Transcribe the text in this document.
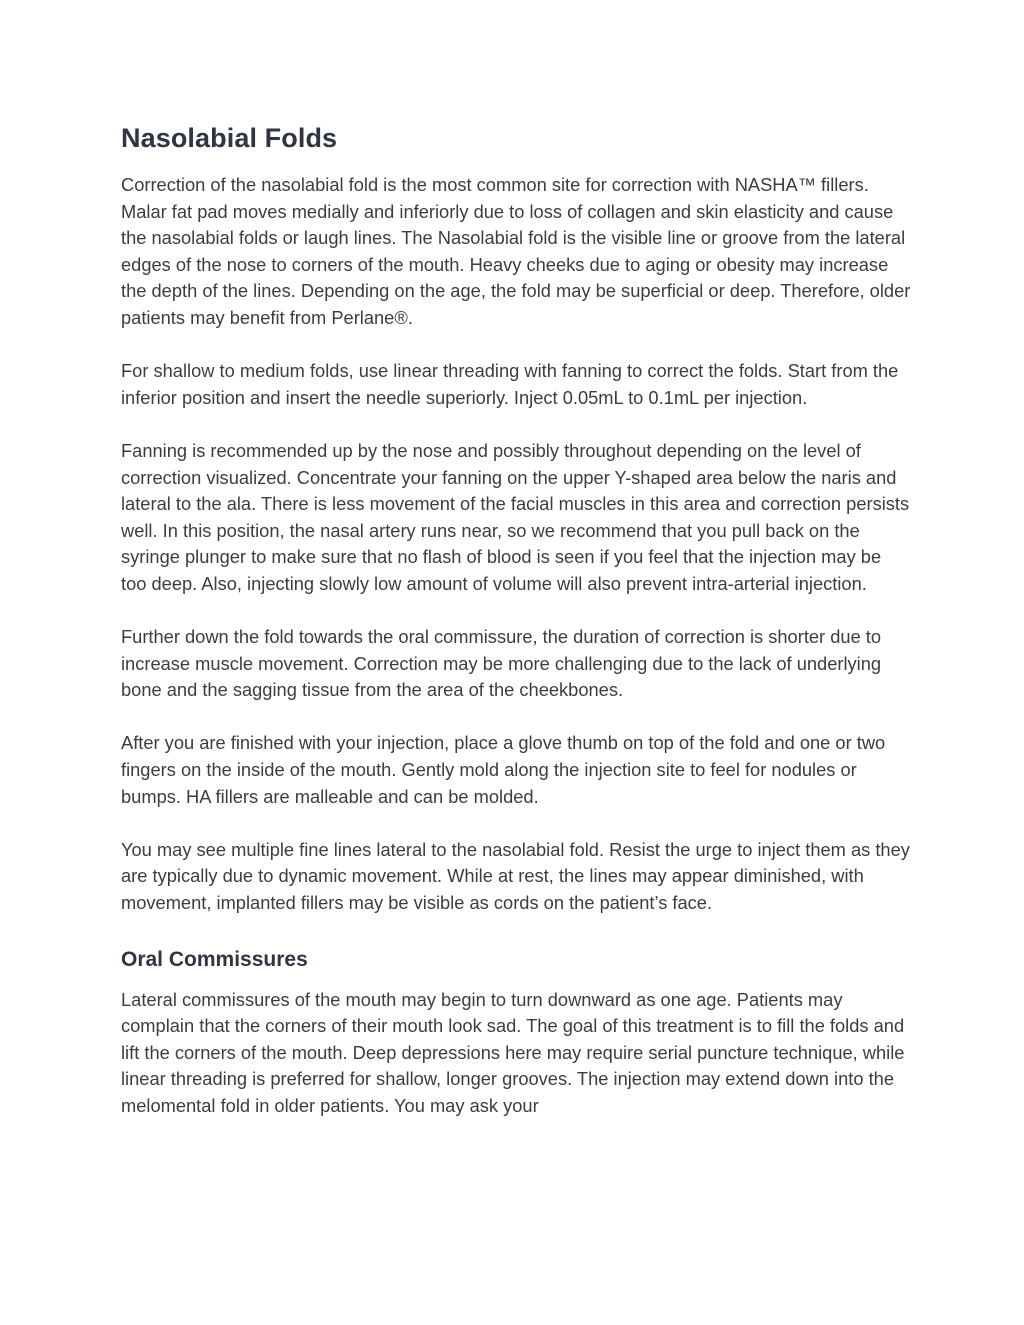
Nasolabial Folds

Correction of the nasolabial fold is the most common site for correction with NASHA™ fillers. Malar fat pad moves medially and inferiorly due to loss of collagen and skin elasticity and cause the nasolabial folds or laugh lines. The Nasolabial fold is the visible line or groove from the lateral edges of the nose to corners of the mouth. Heavy cheeks due to aging or obesity may increase the depth of the lines. Depending on the age, the fold may be superficial or deep. Therefore, older patients may benefit from Perlane®.

For shallow to medium folds, use linear threading with fanning to correct the folds. Start from the inferior position and insert the needle superiorly. Inject 0.05mL to 0.1mL per injection.

Fanning is recommended up by the nose and possibly throughout depending on the level of correction visualized. Concentrate your fanning on the upper Y-shaped area below the naris and lateral to the ala. There is less movement of the facial muscles in this area and correction persists well. In this position, the nasal artery runs near, so we recommend that you pull back on the syringe plunger to make sure that no flash of blood is seen if you feel that the injection may be too deep. Also, injecting slowly low amount of volume will also prevent intra-arterial injection.

Further down the fold towards the oral commissure, the duration of correction is shorter due to increase muscle movement. Correction may be more challenging due to the lack of underlying bone and the sagging tissue from the area of the cheekbones.

After you are finished with your injection, place a glove thumb on top of the fold and one or two fingers on the inside of the mouth. Gently mold along the injection site to feel for nodules or bumps. HA fillers are malleable and can be molded.

You may see multiple fine lines lateral to the nasolabial fold. Resist the urge to inject them as they are typically due to dynamic movement. While at rest, the lines may appear diminished, with movement, implanted fillers may be visible as cords on the patient’s face.

Oral Commissures

Lateral commissures of the mouth may begin to turn downward as one age. Patients may complain that the corners of their mouth look sad. The goal of this treatment is to fill the folds and lift the corners of the mouth. Deep depressions here may require serial puncture technique, while linear threading is preferred for shallow, longer grooves. The injection may extend down into the melomental fold in older patients. You may ask your
